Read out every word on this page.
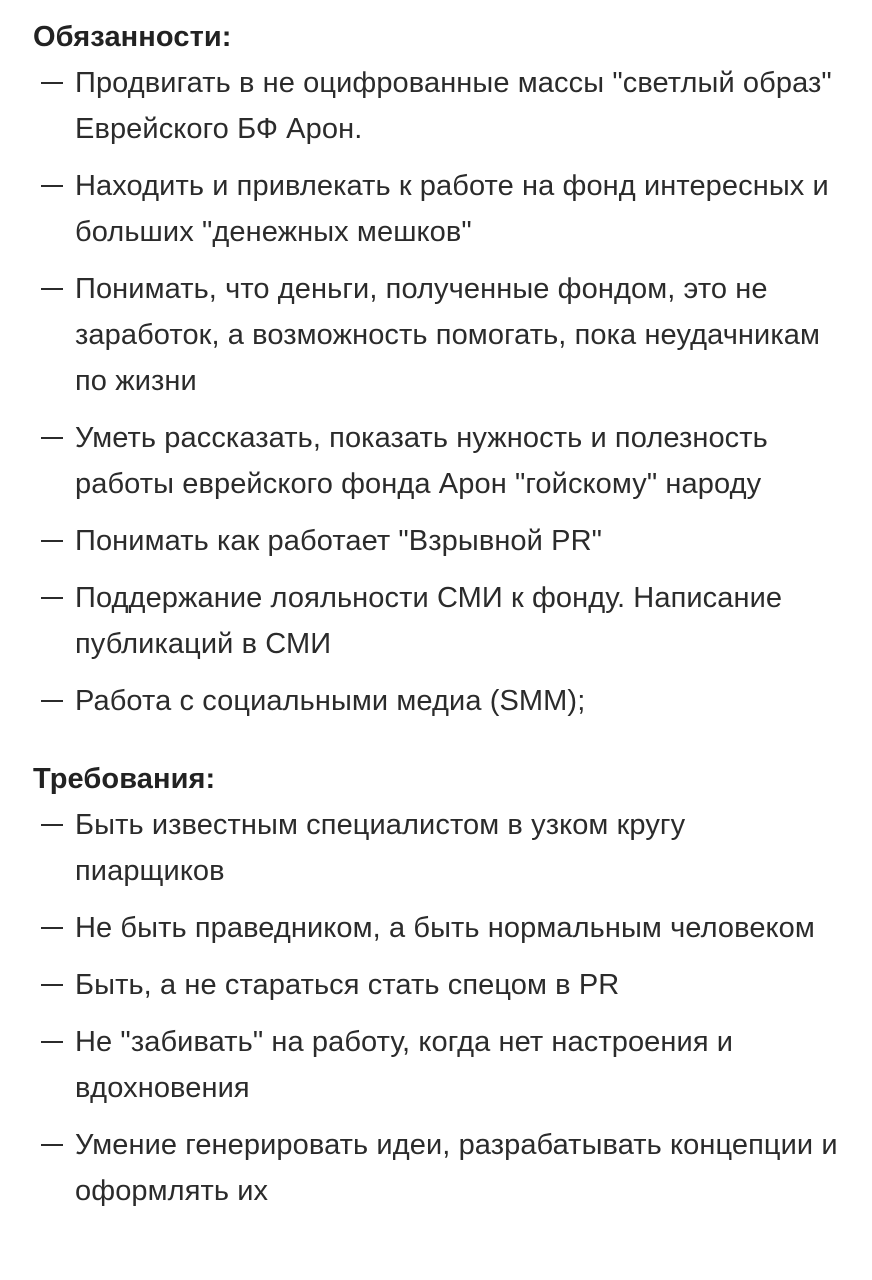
Обязанности:
Продвигать в не оцифрованные массы "светлый образ" Еврейского БФ Арон.
Находить и привлекать к работе на фонд интересных и больших "денежных мешков"
Понимать, что деньги, полученные фондом, это не заработок, а возможность помогать, пока неудачникам по жизни
Уметь рассказать, показать нужность и полезность работы еврейского фонда Арон "гойскому" народу
Понимать как работает "Взрывной PR"
Поддержание лояльности СМИ к фонду. Написание публикаций в СМИ
Работа с социальными медиа (SMM);
Требования:
Быть известным специалистом в узком кругу пиарщиков
Не быть праведником, а быть нормальным человеком
Быть, а не стараться стать спецом в PR
Не "забивать" на работу, когда нет настроения и вдохновения
Умение генерировать идеи, разрабатывать концепции и оформлять их
